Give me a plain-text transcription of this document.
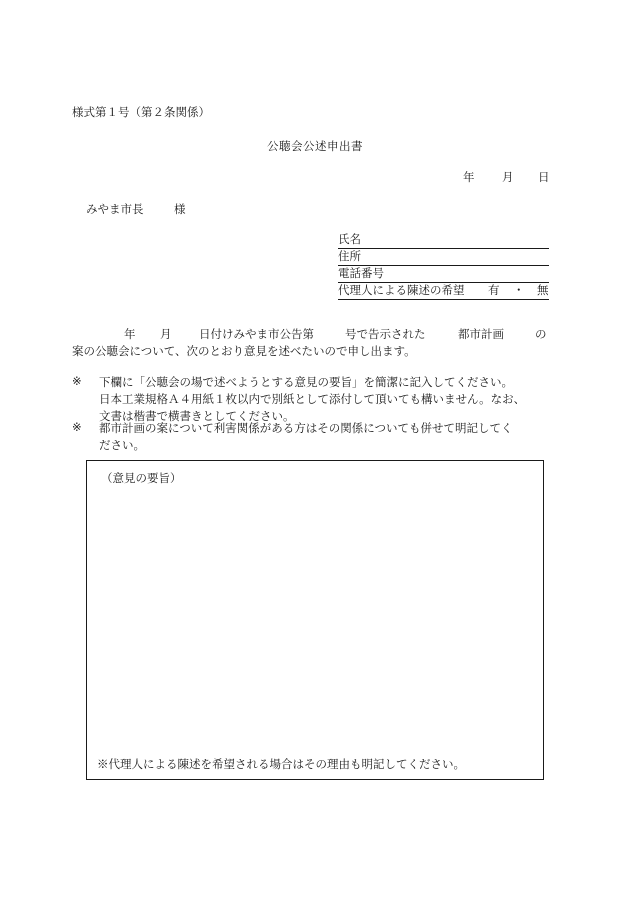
様式第１号（第２条関係）
公聴会公述申出書
年 月 日
みやま市長	様
氏名
住所
電話番号
代理人による陳述の希望 有 ・ 無
年 月 日付けみやま市公告第	号で告示された	都市計画	の
案の公聴会について、次のとおり意見を述べたいので申し出ます。
※ 下欄に「公聴会の場で述べようとする意見の要旨」を簡潔に記入してください。
日本工業規格Ａ４用紙１枚以内で別紙として添付して頂いても構いません。なお、
文書は楷書で横書きとしてください。
※ 都市計画の案について利害関係がある方はその関係についても併せて明記してく
ださい。
（意見の要旨）
※代理人による陳述を希望される場合はその理由も明記してください。
